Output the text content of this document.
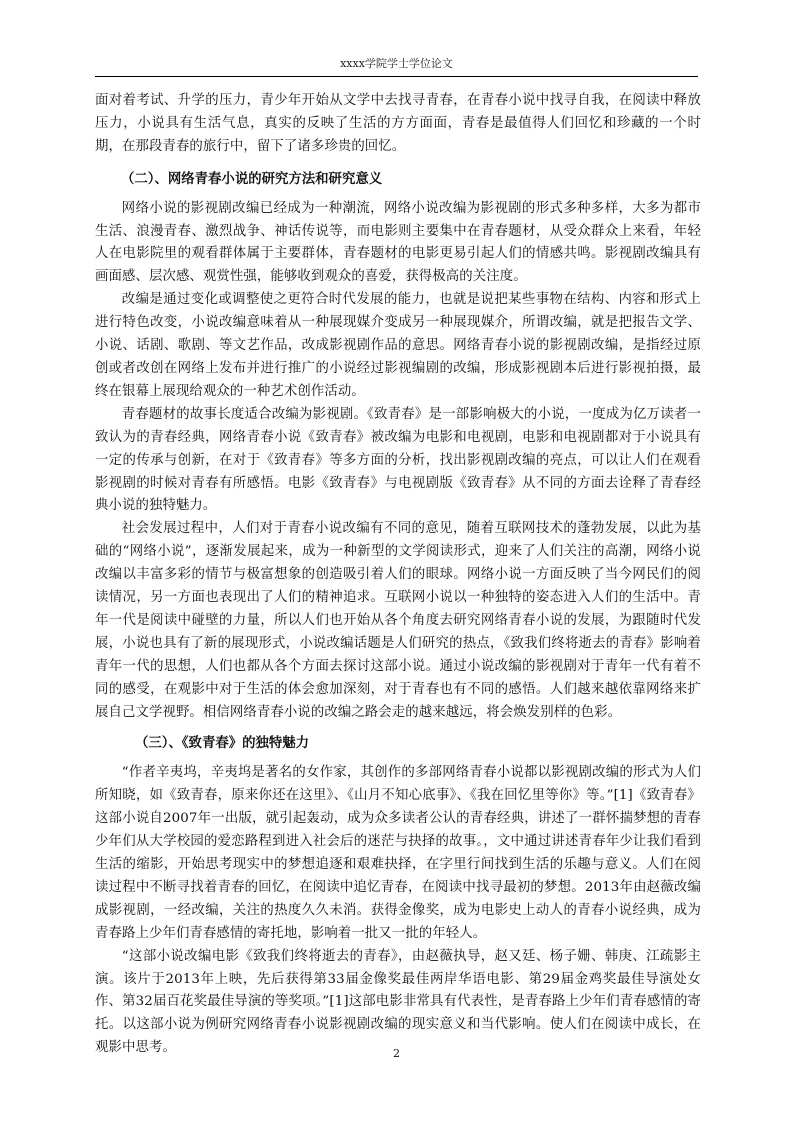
xxxx学院学士学位论文

面对着考试、升学的压力，青少年开始从文学中去找寻青春，在青春小说中找寻自我，在阅读中释放压力，小说具有生活气息，真实的反映了生活的方方面面，青春是最值得人们回忆和珍藏的一个时期，在那段青春的旅行中，留下了诸多珍贵的回忆。

（二）、网络青春小说的研究方法和研究意义

网络小说的影视剧改编已经成为一种潮流，网络小说改编为影视剧的形式多种多样，大多为都市生活、浪漫青春、激烈战争、神话传说等，而电影则主要集中在青春题材，从受众群众上来看，年轻人在电影院里的观看群体属于主要群体，青春题材的电影更易引起人们的情感共鸣。影视剧改编具有画面感、层次感、观赏性强，能够收到观众的喜爱，获得极高的关注度。

改编是通过变化或调整使之更符合时代发展的能力，也就是说把某些事物在结构、内容和形式上进行特色改变，小说改编意味着从一种展现媒介变成另一种展现媒介，所谓改编，就是把报告文学、小说、话剧、歌剧、等文艺作品，改成影视剧作品的意思。网络青春小说的影视剧改编，是指经过原创或者改创在网络上发布并进行推广的小说经过影视编剧的改编，形成影视剧本后进行影视拍摄，最终在银幕上展现给观众的一种艺术创作活动。

青春题材的故事长度适合改编为影视剧。《致青春》是一部影响极大的小说，一度成为亿万读者一致认为的青春经典，网络青春小说《致青春》被改编为电影和电视剧，电影和电视剧都对于小说具有一定的传承与创新，在对于《致青春》等多方面的分析，找出影视剧改编的亮点，可以让人们在观看影视剧的时候对青春有所感悟。电影《致青春》与电视剧版《致青春》从不同的方面去诠释了青春经典小说的独特魅力。

社会发展过程中，人们对于青春小说改编有不同的意见，随着互联网技术的蓬勃发展，以此为基础的“网络小说”，逐渐发展起来，成为一种新型的文学阅读形式，迎来了人们关注的高潮，网络小说改编以丰富多彩的情节与极富想象的创造吸引着人们的眼球。网络小说一方面反映了当今网民们的阅读情况，另一方面也表现出了人们的精神追求。互联网小说以一种独特的姿态进入人们的生活中。青年一代是阅读中碰壁的力量，所以人们也开始从各个角度去研究网络青春小说的发展，为跟随时代发展，小说也具有了新的展现形式，小说改编话题是人们研究的热点，《致我们终将逝去的青春》影响着青年一代的思想，人们也都从各个方面去探讨这部小说。通过小说改编的影视剧对于青年一代有着不同的感受，在观影中对于生活的体会愈加深刻，对于青春也有不同的感悟。人们越来越依靠网络来扩展自己文学视野。相信网络青春小说的改编之路会走的越来越远，将会焕发别样的色彩。

（三）、《致青春》的独特魅力

“作者辛夷坞，辛夷坞是著名的女作家，其创作的多部网络青春小说都以影视剧改编的形式为人们所知晓，如《致青春，原来你还在这里》、《山月不知心底事》、《我在回忆里等你》等。”[1]《致青春》这部小说自2007年一出版，就引起轰动，成为众多读者公认的青春经典，讲述了一群怀揣梦想的青春少年们从大学校园的爱恋路程到进入社会后的迷茫与抉择的故事。，文中通过讲述青春年少让我们看到生活的缩影，开始思考现实中的梦想追逐和艰难抉择，在字里行间找到生活的乐趣与意义。人们在阅读过程中不断寻找着青春的回忆，在阅读中追忆青春，在阅读中找寻最初的梦想。2013年由赵薇改编成影视剧，一经改编，关注的热度久久未消。获得金像奖，成为电影史上动人的青春小说经典，成为青春路上少年们青春感情的寄托地，影响着一批又一批的年轻人。

“这部小说改编电影《致我们终将逝去的青春》，由赵薇执导，赵又廷、杨子姗、韩庚、江疏影主演。该片于2013年上映，先后获得第33届金像奖最佳两岸华语电影、第29届金鸡奖最佳导演处女作、第32届百花奖最佳导演的等奖项。”[1]这部电影非常具有代表性，是青春路上少年们青春感情的寄托。以这部小说为例研究网络青春小说影视剧改编的现实意义和当代影响。使人们在阅读中成长，在观影中思考。	2
